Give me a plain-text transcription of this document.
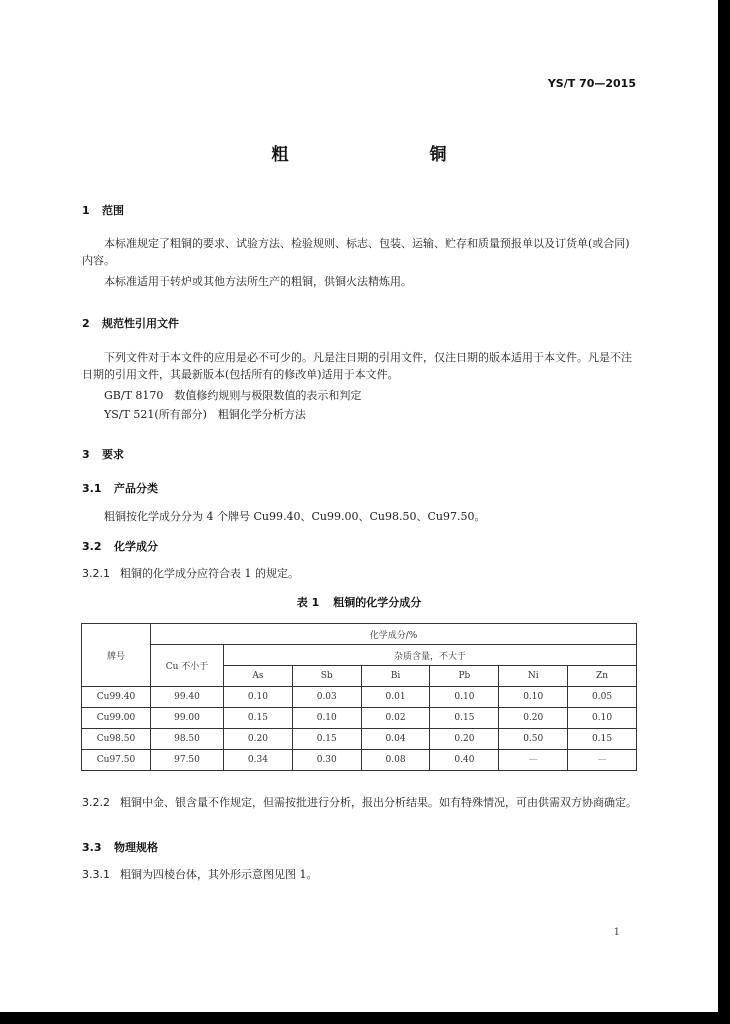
YS/T 70—2015
粗　铜
1 范围
本标准规定了粗铜的要求、试验方法、检验规则、标志、包装、运输、贮存和质量预报单以及订货单(或合同)内容。
本标准适用于转炉或其他方法所生产的粗铜，供铜火法精炼用。
2 规范性引用文件
下列文件对于本文件的应用是必不可少的。凡是注日期的引用文件，仅注日期的版本适用于本文件。凡是不注日期的引用文件，其最新版本(包括所有的修改单)适用于本文件。
GB/T 8170　数值修约规则与极限数值的表示和判定
YS/T 521(所有部分)　粗铜化学分析方法
3 要求
3.1 产品分类
粗铜按化学成分分为 4 个牌号 Cu99.40、Cu99.00、Cu98.50、Cu97.50。
3.2 化学成分
3.2.1 粗铜的化学成分应符合表 1 的规定。
表 1 粗铜的化学分成分
牌号	化学成分/%						
	Cu 不小于	杂质含量，不大于					
		As	Sb	Bi	Pb	Ni	Zn
Cu99.40	99.40	0.10	0.03	0.01	0.10	0.10	0.05
Cu99.00	99.00	0.15	0.10	0.02	0.15	0.20	0.10
Cu98.50	98.50	0.20	0.15	0.04	0.20	0.50	0.15
Cu97.50	97.50	0.34	0.30	0.08	0.40	—	—
3.2.2 粗铜中金、银含量不作规定，但需按批进行分析，报出分析结果。如有特殊情况，可由供需双方协商确定。
3.3 物理规格
3.3.1 粗铜为四棱台体，其外形示意图见图 1。
1
